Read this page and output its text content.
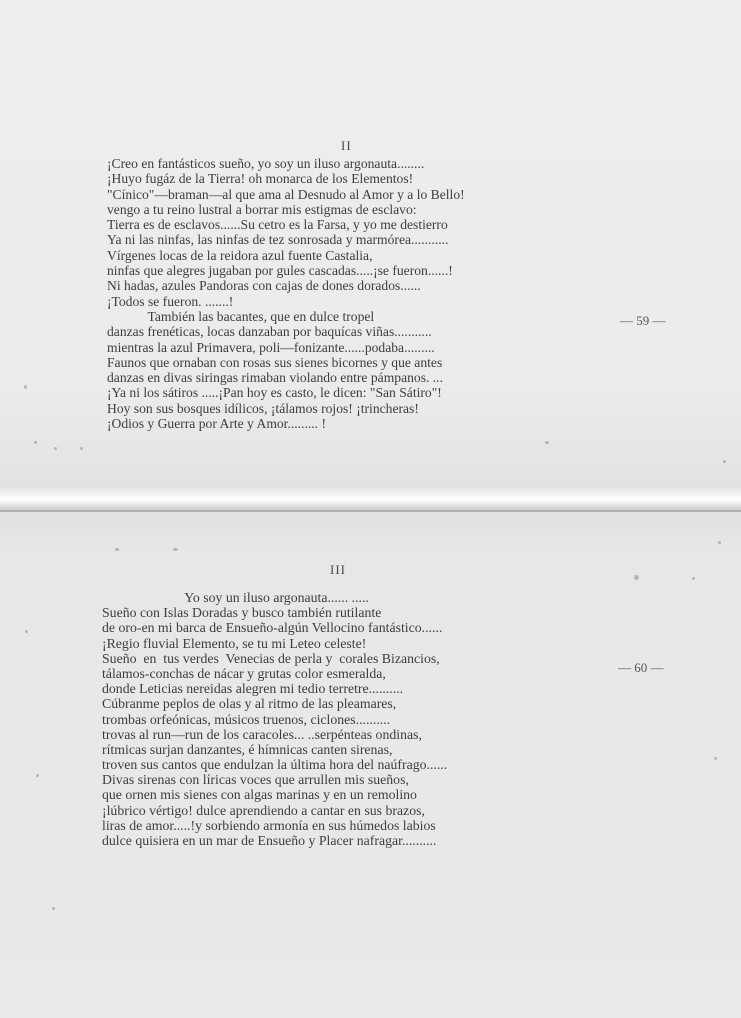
II
¡Creo en fantásticos sueño, yo soy un iluso argonauta........
¡Huyo fugáz de la Tierra! oh monarca de los Elementos!
"Cínico"—braman—al que ama al Desnudo al Amor y a lo Bello!
vengo a tu reino lustral a borrar mis estigmas de esclavo:
Tierra es de esclavos......Su cetro es la Farsa, y yo me destierro
Ya ni las ninfas, las ninfas de tez sonrosada y marmórea...........
Vírgenes locas de la reidora azul fuente Castalia,
ninfas que alegres jugaban por gules cascadas.....¡se fueron......!
Ni hadas, azules Pandoras con cajas de dones dorados......
¡Todos se fueron. .......!
También las bacantes, que en dulce tropel
danzas frenéticas, locas danzaban por baquícas viñas...........
mientras la azul Primavera, poli—fonizante......podaba.........
Faunos que ornaban con rosas sus sienes bicornes y que antes
danzas en divas siringas rimaban violando entre pámpanos. ...
¡Ya ni los sátiros .....¡Pan hoy es casto, le dicen: "San Sátiro"!
Hoy son sus bosques idílicos, ¡tálamos rojos! ¡trincheras!
¡Odios y Guerra por Arte y Amor......... !
— 59 —
III
Yo soy un iluso argonauta...... .....
Sueño con Islas Doradas y busco también rutilante
de oro-en mi barca de Ensueño-algún Vellocino fantástico......
¡Regio fluvial Elemento, se tu mi Leteo celeste!
Sueño  en  tus verdes  Venecias de perla y  corales Bizancios,
tálamos-conchas de nácar y grutas color esmeralda,
donde Leticias nereidas alegren mi tedio terretre..........
Cúbranme peplos de olas y al ritmo de las pleamares,
trombas orfeónicas, músicos truenos, ciclones..........
trovas al run—run de los caracoles... ..serpénteas ondinas,
rítmicas surjan danzantes, é hímnicas canten sirenas,
troven sus cantos que endulzan la última hora del naúfrago......
Divas sirenas con líricas voces que arrullen mis sueños,
que ornen mis sienes con algas marinas y en un remolino
¡lúbrico vértigo! dulce aprendiendo a cantar en sus brazos,
liras de amor.....!y sorbiendo armonía en sus húmedos labios
dulce quisiera en un mar de Ensueño y Placer nafragar..........
— 60 —
